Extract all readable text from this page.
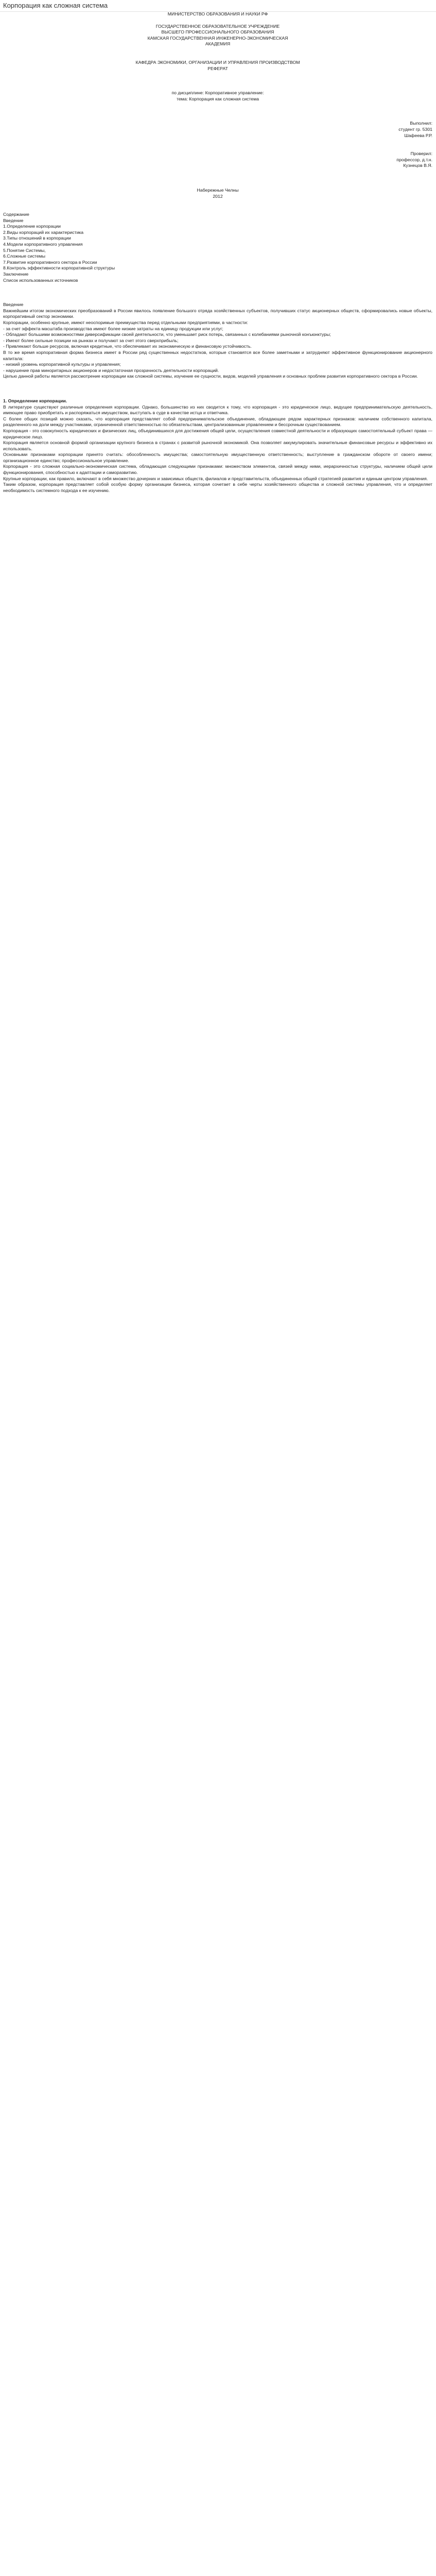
Корпорация как сложная система

МИНИСТЕРСТВО ОБРАЗОВАНИЯ И НАУКИ РФ

ГОСУДАРСТВЕННОЕ ОБРАЗОВАТЕЛЬНОЕ УЧРЕЖДЕНИЕ

ВЫСШЕГО ПРОФЕССИОНАЛЬНОГО ОБРАЗОВАНИЯ

КАМСКАЯ ГОСУДАРСТВЕННАЯ ИНЖЕНЕРНО-ЭКОНОМИЧЕСКАЯ

АКАДЕМИЯ

КАФЕДРА ЭКОНОМИКИ, ОРГАНИЗАЦИИ И УПРАВЛЕНИЯ ПРОИЗВОДСТВОМ

РЕФЕРАТ

по дисциплине: Корпоративное управление:

тема: Корпорация как сложная система

Выполнил:

студент гр. 5301

Шафеева Р.Р.

Проверил:

профессор, д.т.н.

Кузнецов В.Я.

Набережные Челны

2012

Содержание

Введение

1.Определение корпорации

2.Виды корпораций их характеристика

3.Типы отношений в корпорации

4.Модели корпоративного управления

5.Понятие Системы,

6.Сложные системы

7.Развитие корпоративного сектора в России

8.Контроль эффективности корпоративной структуры

Заключение

Список использованных источников

Введение

Важнейшим итогом экономических преобразований в России явилось появление большого отряда хозяйственных субъектов, получивших статус акционерных обществ, сформировались новые объекты, корпоративный сектор экономики.

Корпорации, особенно крупные, имеют неоспоримые преимущества перед отдельными предприятиями, в частности:

- за счет эффекта масштаба производства имеют более низкие затраты на единицу продукции или услуг;

- Обладают большими возможностями диверсификации своей деятельности, что уменьшает риск потерь, связанных с колебаниями рыночной конъюнктуры;

- Имеют более сильные позиции на рынках и получают за счет этого сверхприбыль;

- Привлекают больше ресурсов, включая кредитные, что обеспечивает их экономическую и финансовую устойчивость.

В то же время корпоративная форма бизнеса имеет в России ряд существенных недостатков, которые становятся все более заметными и затрудняют эффективное функционирование акционерного капитала:

- низкий уровень корпоративной культуры и управления;

- нарушение прав миноритарных акционеров и недостаточная прозрачность деятельности корпораций.

Целью данной работы является рассмотрение корпорации как сложной системы, изучение ее сущности, видов, моделей управления и основных проблем развития корпоративного сектора в России.

1. Определение корпорации.

В литературе существуют различные определения корпорации. Однако, большинство из них сводится к тому, что корпорация - это юридическое лицо, ведущее предпринимательскую деятельность, имеющее право приобретать и распоряжаться имуществом, выступать в суде в качестве истца и ответчика.

С более общих позиций можно сказать, что корпорация представляет собой предпринимательское объединение, обладающее рядом характерных признаков: наличием собственного капитала, разделенного на доли между участниками, ограниченной ответственностью по обязательствам, централизованным управлением и бессрочным существованием.

Корпорация - это совокупность юридических и физических лиц, объединившихся для достижения общей цели, осуществления совместной деятельности и образующих самостоятельный субъект права — юридическое лицо.

Корпорация является основной формой организации крупного бизнеса в странах с развитой рыночной экономикой. Она позволяет аккумулировать значительные финансовые ресурсы и эффективно их использовать.

Основными признаками корпорации принято считать: обособленность имущества; самостоятельную имущественную ответственность; выступление в гражданском обороте от своего имени; организационное единство; профессиональное управление.

Корпорация - это сложная социально-экономическая система, обладающая следующими признаками: множеством элементов, связей между ними, иерархичностью структуры, наличием общей цели функционирования, способностью к адаптации и саморазвитию.

Крупные корпорации, как правило, включают в себя множество дочерних и зависимых обществ, филиалов и представительств, объединенных общей стратегией развития и единым центром управления.

Таким образом, корпорация представляет собой особую форму организации бизнеса, которая сочетает в себе черты хозяйственного общества и сложной системы управления, что и определяет необходимость системного подхода к ее изучению.
